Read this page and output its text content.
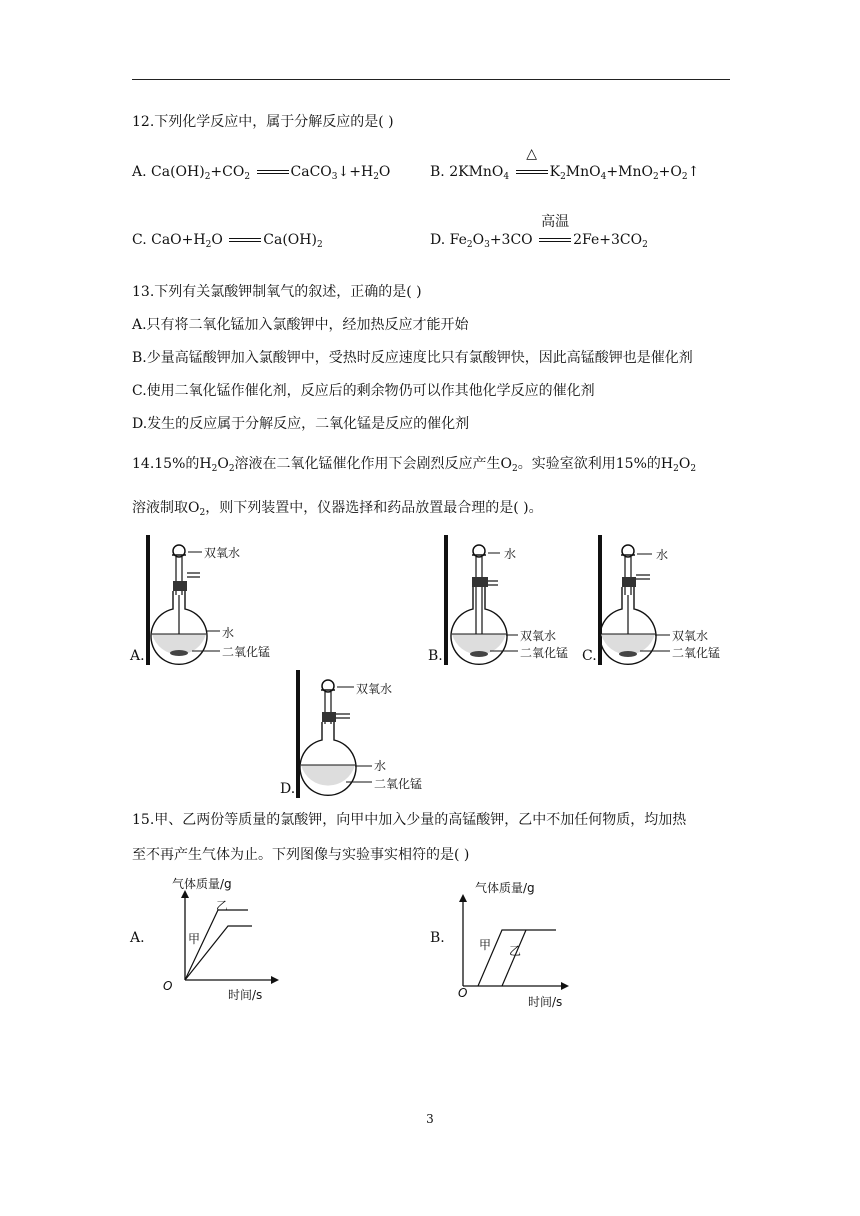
12.下列化学反应中，属于分解反应的是( )
A. $Ca(OH)_2+CO_2$	$CaCO_3↓+H_2O$	B. 2KMnO$_4$
△
$K_2MnO_4+MnO_2+O_2↑$
C. $CaO+H_2O$	$Ca(OH)_2$	D. $Fe_2O_3+3CO$
高温
$2Fe+3CO_2$
13.下列有关氯酸钾制氧气的叙述，正确的是( )
A.只有将二氧化锰加入氯酸钾中，经加热反应才能开始
B.少量高锰酸钾加入氯酸钾中，受热时反应速度比只有氯酸钾快，因此高锰酸钾也是催化剂
C.使用二氧化锰作催化剂，反应后的剩余物仍可以作其他化学反应的催化剂
D.发生的反应属于分解反应，二氧化锰是反应的催化剂
14.15%的$H_2O_2$溶液在二氧化锰催化作用下会剧烈反应产生$O_2$。实验室欲利用15%的$H_2O_2$
溶液制取$O_2$，则下列装置中，仪器选择和药品放置最合理的是( )。
双氧水
水
二氧化锰
A.
水
双氧水
二氧化锰
B.
水
双氧水
二氧化锰
C.
双氧水
水
二氧化锰
D.
15.甲、乙两份等质量的氯酸钾，向甲中加入少量的高锰酸钾，乙中不加任何物质，均加热
至不再产生气体为止。下列图像与实验事实相符的是( )
气体质量/g
时间/s
O
甲
乙
A.
气体质量/g
时间/s
O
甲 乙
B.
3
